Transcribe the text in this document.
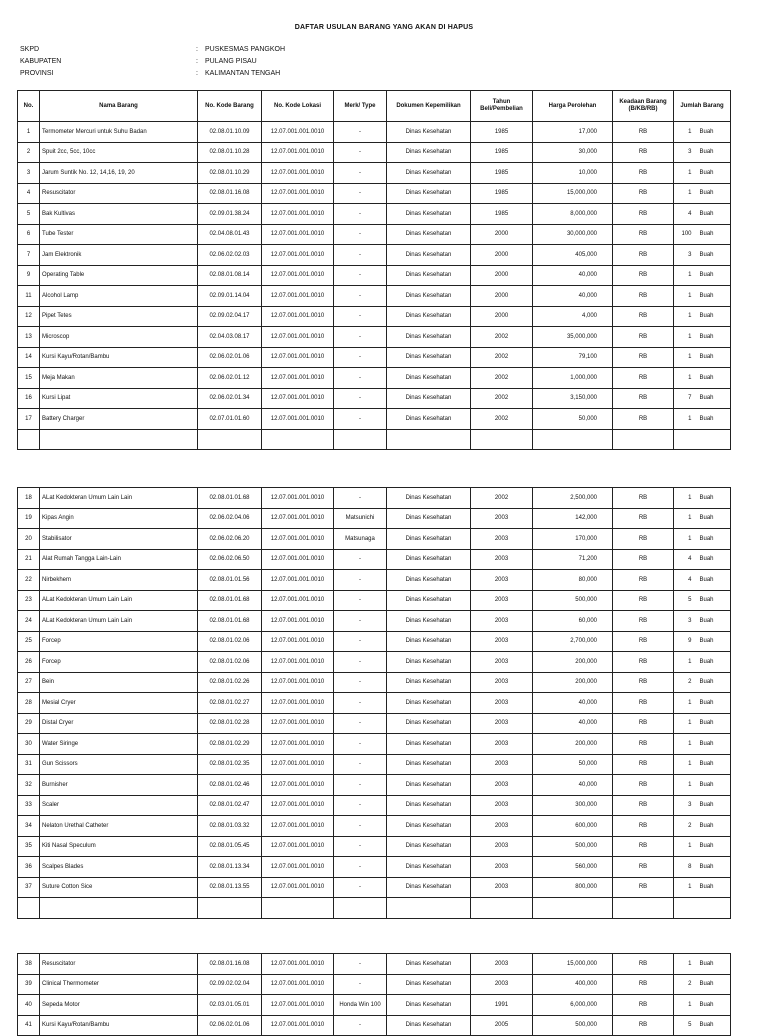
DAFTAR USULAN BARANG YANG AKAN DI HAPUS
SKPD	: PUSKESMAS PANGKOH
KABUPATEN	: PULANG PISAU
PROVINSI	: KALIMANTAN TENGAH
No.	Nama Barang	No. Kode Barang	No. Kode Lokasi	Merk/ Type	Dokumen Kepemilikan	Tahun Beli/Pembelian	Harga Perolehan	Keadaan Barang (B/KB/RB)	Jumlah Barang	
1	Termometer Mercuri untuk Suhu Badan	02.08.01.10.09	12.07.001.001.0010	-	Dinas Kesehatan	1985	17,000	RB	1	Buah
2	Spuit 2cc, 5cc, 10cc	02.08.01.10.28	12.07.001.001.0010	-	Dinas Kesehatan	1985	30,000	RB	3	Buah
3	Jarum Suntik No. 12, 14,16, 19, 20	02.08.01.10.29	12.07.001.001.0010	-	Dinas Kesehatan	1985	10,000	RB	1	Buah
4	Resuscitator	02.08.01.16.08	12.07.001.001.0010	-	Dinas Kesehatan	1985	15,000,000	RB	1	Buah
5	Bak Kultivas	02.09.01.38.24	12.07.001.001.0010	-	Dinas Kesehatan	1985	8,000,000	RB	4	Buah
6	Tube Tester	02.04.08.01.43	12.07.001.001.0010	-	Dinas Kesehatan	2000	30,000,000	RB	100	Buah
7	Jam Elektronik	02.06.02.02.03	12.07.001.001.0010	-	Dinas Kesehatan	2000	405,000	RB	3	Buah
9	Operating Table	02.08.01.08.14	12.07.001.001.0010	-	Dinas Kesehatan	2000	40,000	RB	1	Buah
11	Alcohol Lamp	02.09.01.14.04	12.07.001.001.0010	-	Dinas Kesehatan	2000	40,000	RB	1	Buah
12	Pipet Tetes	02.09.02.04.17	12.07.001.001.0010	-	Dinas Kesehatan	2000	4,000	RB	1	Buah
13	Microscop	02.04.03.08.17	12.07.001.001.0010	-	Dinas Kesehatan	2002	35,000,000	RB	1	Buah
14	Kursi Kayu/Rotan/Bambu	02.06.02.01.06	12.07.001.001.0010	-	Dinas Kesehatan	2002	79,100	RB	1	Buah
15	Meja Makan	02.06.02.01.12	12.07.001.001.0010	-	Dinas Kesehatan	2002	1,000,000	RB	1	Buah
16	Kursi Lipat	02.06.02.01.34	12.07.001.001.0010	-	Dinas Kesehatan	2002	3,150,000	RB	7	Buah
17	Battery Charger	02.07.01.01.60	12.07.001.001.0010	-	Dinas Kesehatan	2002	50,000	RB	1	Buah

18	ALat Kedokteran Umum Lain Lain	02.08.01.01.68	12.07.001.001.0010	-	Dinas Kesehatan	2002	2,500,000	RB	1	Buah
19	Kipas Angin	02.06.02.04.06	12.07.001.001.0010	Matsunichi	Dinas Kesehatan	2003	142,000	RB	1	Buah
20	Stabilisator	02.06.02.06.20	12.07.001.001.0010	Matsunaga	Dinas Kesehatan	2003	170,000	RB	1	Buah
21	Alat Rumah Tangga Lain-Lain	02.06.02.06.50	12.07.001.001.0010	-	Dinas Kesehatan	2003	71,200	RB	4	Buah
22	Nirbekhem	02.08.01.01.56	12.07.001.001.0010	-	Dinas Kesehatan	2003	80,000	RB	4	Buah
23	ALat Kedokteran Umum Lain Lain	02.08.01.01.68	12.07.001.001.0010	-	Dinas Kesehatan	2003	500,000	RB	5	Buah
24	ALat Kedokteran Umum Lain Lain	02.08.01.01.68	12.07.001.001.0010	-	Dinas Kesehatan	2003	60,000	RB	3	Buah
25	Forcep	02.08.01.02.06	12.07.001.001.0010	-	Dinas Kesehatan	2003	2,700,000	RB	9	Buah
26	Forcep	02.08.01.02.06	12.07.001.001.0010	-	Dinas Kesehatan	2003	200,000	RB	1	Buah
27	Bein	02.08.01.02.26	12.07.001.001.0010	-	Dinas Kesehatan	2003	200,000	RB	2	Buah
28	Mesial Cryer	02.08.01.02.27	12.07.001.001.0010	-	Dinas Kesehatan	2003	40,000	RB	1	Buah
29	Distal Cryer	02.08.01.02.28	12.07.001.001.0010	-	Dinas Kesehatan	2003	40,000	RB	1	Buah
30	Water Siringe	02.08.01.02.29	12.07.001.001.0010	-	Dinas Kesehatan	2003	200,000	RB	1	Buah
31	Gun Scissors	02.08.01.02.35	12.07.001.001.0010	-	Dinas Kesehatan	2003	50,000	RB	1	Buah
32	Burnisher	02.08.01.02.46	12.07.001.001.0010	-	Dinas Kesehatan	2003	40,000	RB	1	Buah
33	Scaler	02.08.01.02.47	12.07.001.001.0010	-	Dinas Kesehatan	2003	300,000	RB	3	Buah
34	Nelaton Urethal Catheter	02.08.01.03.32	12.07.001.001.0010	-	Dinas Kesehatan	2003	600,000	RB	2	Buah
35	Kiti Nasal Speculum	02.08.01.05.45	12.07.001.001.0010	-	Dinas Kesehatan	2003	500,000	RB	1	Buah
36	Scalpes Blades	02.08.01.13.34	12.07.001.001.0010	-	Dinas Kesehatan	2003	560,000	RB	8	Buah
37	Suture Cotton Sice	02.08.01.13.55	12.07.001.001.0010	-	Dinas Kesehatan	2003	800,000	RB	1	Buah

38	Resuscitator	02.08.01.16.08	12.07.001.001.0010	-	Dinas Kesehatan	2003	15,000,000	RB	1	Buah
39	Clinical Thermometer	02.09.02.02.04	12.07.001.001.0010	-	Dinas Kesehatan	2003	400,000	RB	2	Buah
40	Sepeda Motor	02.03.01.05.01	12.07.001.001.0010	Honda Win 100	Dinas Kesehatan	1991	6,000,000	RB	1	Buah
41	Kursi Kayu/Rotan/Bambu	02.06.02.01.06	12.07.001.001.0010	-	Dinas Kesehatan	2005	500,000	RB	5	Buah
